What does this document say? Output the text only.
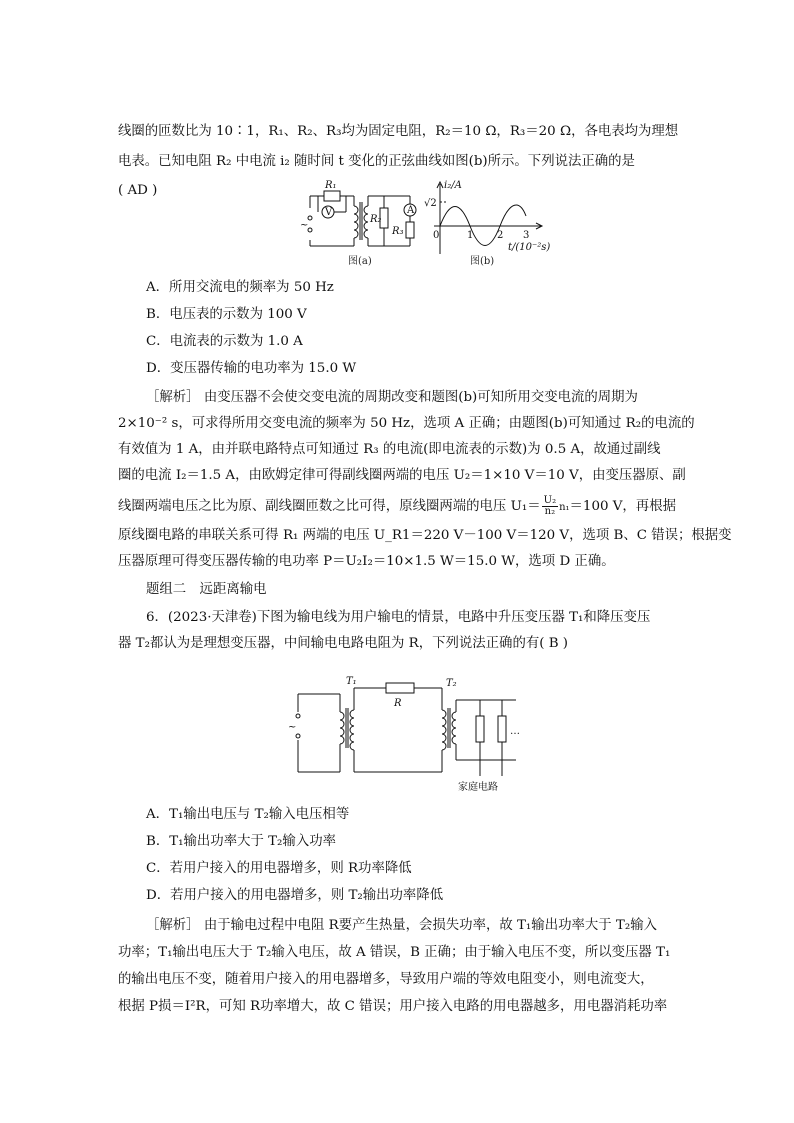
线圈的匝数比为 10∶1，R₁、R₂、R₃均为固定电阻，R₂＝10 Ω，R₃＝20 Ω，各电表均为理想
电表。已知电阻 R₂ 中电流 i₂ 随时间 t 变化的正弦曲线如图(b)所示。下列说法正确的是
( AD )	R₁
V
~
R₂
A
R₃
图(a)
i₂/A
√2
0	1 2 3
t/(10⁻²s)
图(b)
A．所用交流电的频率为 50 Hz
B．电压表的示数为 100 V
C．电流表的示数为 1.0 A
D．变压器传输的电功率为 15.0 W
［解析］ 由变压器不会使交变电流的周期改变和题图(b)可知所用交变电流的周期为
2×10⁻² s，可求得所用交变电流的频率为 50 Hz，选项 A 正确；由题图(b)可知通过 R₂的电流的
有效值为 1 A，由并联电路特点可知通过 R₃ 的电流(即电流表的示数)为 0.5 A，故通过副线
圈的电流 I₂＝1.5 A，由欧姆定律可得副线圈两端的电压 U₂＝1×10 V＝10 V，由变压器原、副
线圈两端电压之比为原、副线圈匝数之比可得，原线圈两端的电压 $U_1= \frac{\text{U₂}}{\text{n₂}} n_1=100$ V，再根据
原线圈电路的串联关系可得 R₁ 两端的电压 U_R1＝220 V－100 V＝120 V，选项 B、C 错误；根据变
压器原理可得变压器传输的电功率 P＝U₂I₂＝10×1.5 W＝15.0 W，选项 D 正确。
题组二　远距离输电
6．(2023·天津卷)下图为输电线为用户输电的情景，电路中升压变压器 T₁和降压变压
器 T₂都认为是理想变压器，中间输电电路电阻为 R，下列说法正确的有( B )
T₁	T₂
R
~	…
家庭电路
A．T₁输出电压与 T₂输入电压相等
B．T₁输出功率大于 T₂输入功率
C．若用户接入的用电器增多，则 R功率降低
D．若用户接入的用电器增多，则 T₂输出功率降低
［解析］ 由于输电过程中电阻 R要产生热量，会损失功率，故 T₁输出功率大于 T₂输入
功率；T₁输出电压大于 T₂输入电压，故 A 错误，B 正确；由于输入电压不变，所以变压器 T₁
的输出电压不变，随着用户接入的用电器增多，导致用户端的等效电阻变小，则电流变大，
根据 P损＝I²R，可知 R功率增大，故 C 错误；用户接入电路的用电器越多，用电器消耗功率
